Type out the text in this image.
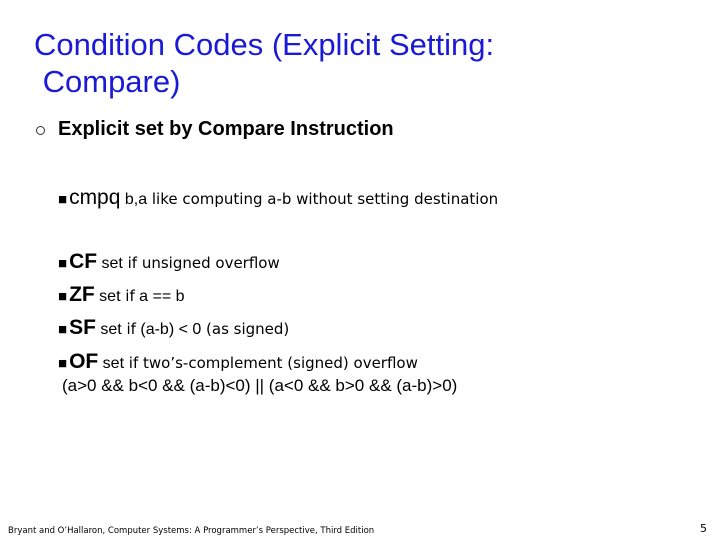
Condition Codes (Explicit Setting:
Compare)
Explicit set by Compare Instruction
■ cmpq b,a like computing a-b without setting destination
■ CF set if unsigned overflow
■ ZF set if a == b
■ SF set if (a-b) < 0 (as signed)
■ OF set if two’s-complement (signed) overflow
(a>0 && b<0 && (a-b)<0) || (a<0 && b>0 && (a-b)>0)
Bryant and O’Hallaron, Computer Systems: A Programmer’s Perspective, Third Edition	5
